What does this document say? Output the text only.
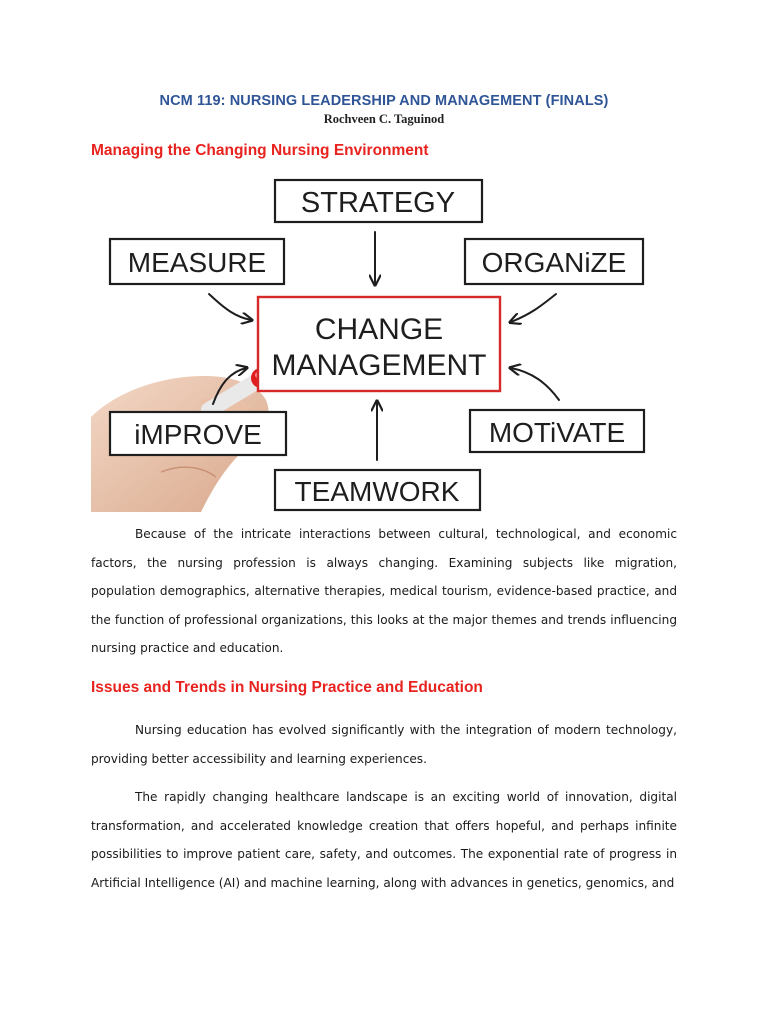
NCM 119: NURSING LEADERSHIP AND MANAGEMENT (FINALS)
Rochveen C. Taguinod
Managing the Changing Nursing Environment
STRATEGY
MEASURE	ORGANiZE
CHANGE
MANAGEMENT
iMPROVE	MOTiVATE
TEAMWORK

Because of the intricate interactions between cultural, technological, and economic factors, the nursing profession is always changing. Examining subjects like migration, population demographics, alternative therapies, medical tourism, evidence-based practice, and the function of professional organizations, this looks at the major themes and trends influencing nursing practice and education.

Issues and Trends in Nursing Practice and Education

Nursing education has evolved significantly with the integration of modern technology, providing better accessibility and learning experiences.

The rapidly changing healthcare landscape is an exciting world of innovation, digital transformation, and accelerated knowledge creation that offers hopeful, and perhaps infinite possibilities to improve patient care, safety, and outcomes. The exponential rate of progress in Artificial Intelligence (AI) and machine learning, along with advances in genetics, genomics, and
